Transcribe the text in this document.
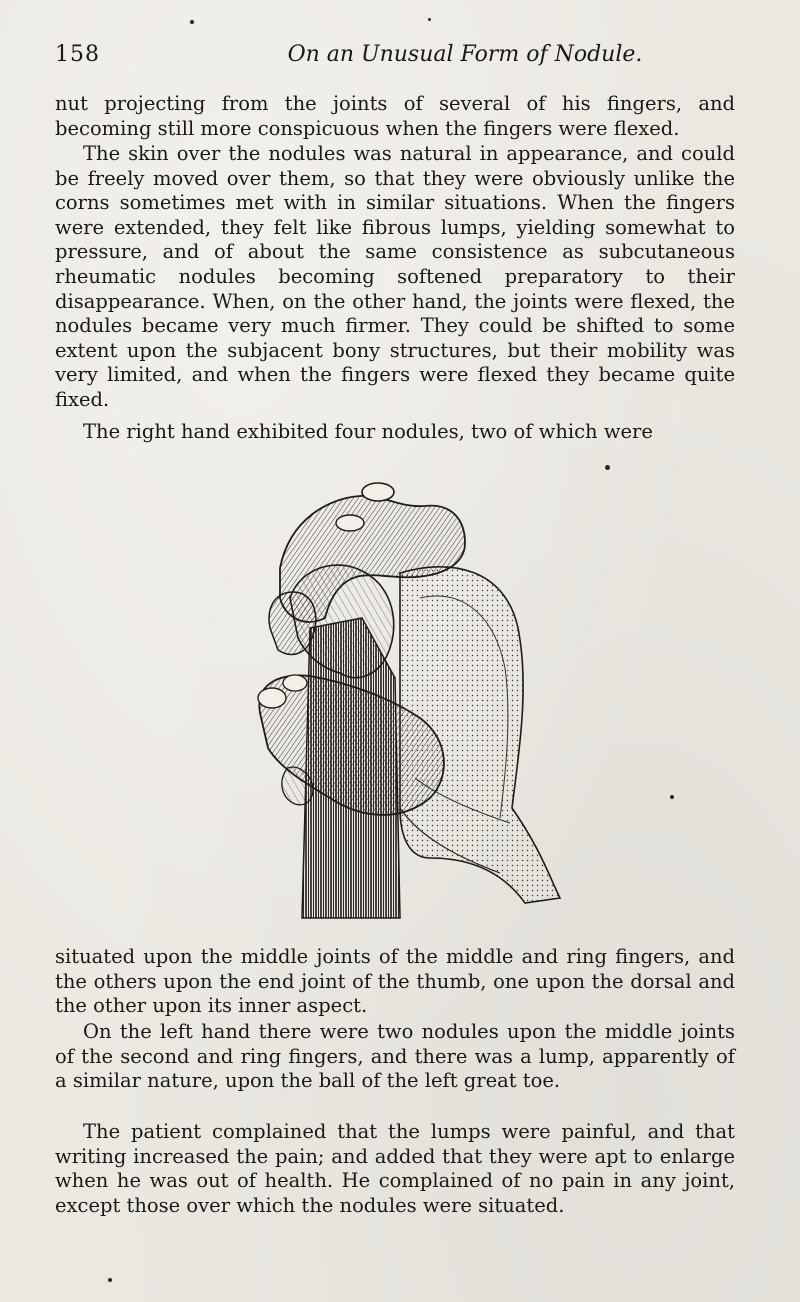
158	On an Unusual Form of Nodule.

nut projecting from the joints of several of his fingers, and becoming still more conspicuous when the fingers were flexed.

The skin over the nodules was natural in appearance, and could be freely moved over them, so that they were obviously unlike the corns sometimes met with in similar situations. When the fingers were extended, they felt like fibrous lumps, yielding somewhat to pressure, and of about the same consistence as subcutaneous rheumatic nodules becoming softened preparatory to their disappearance. When, on the other hand, the joints were flexed, the nodules became very much firmer. They could be shifted to some extent upon the subjacent bony structures, but their mobility was very limited, and when the fingers were flexed they became quite fixed.

The right hand exhibited four nodules, two of which were

situated upon the middle joints of the middle and ring fingers, and the others upon the end joint of the thumb, one upon the dorsal and the other upon its inner aspect.

On the left hand there were two nodules upon the middle joints of the second and ring fingers, and there was a lump, apparently of a similar nature, upon the ball of the left great toe.

The patient complained that the lumps were painful, and that writing increased the pain; and added that they were apt to enlarge when he was out of health. He complained of no pain in any joint, except those over which the nodules were situated.
